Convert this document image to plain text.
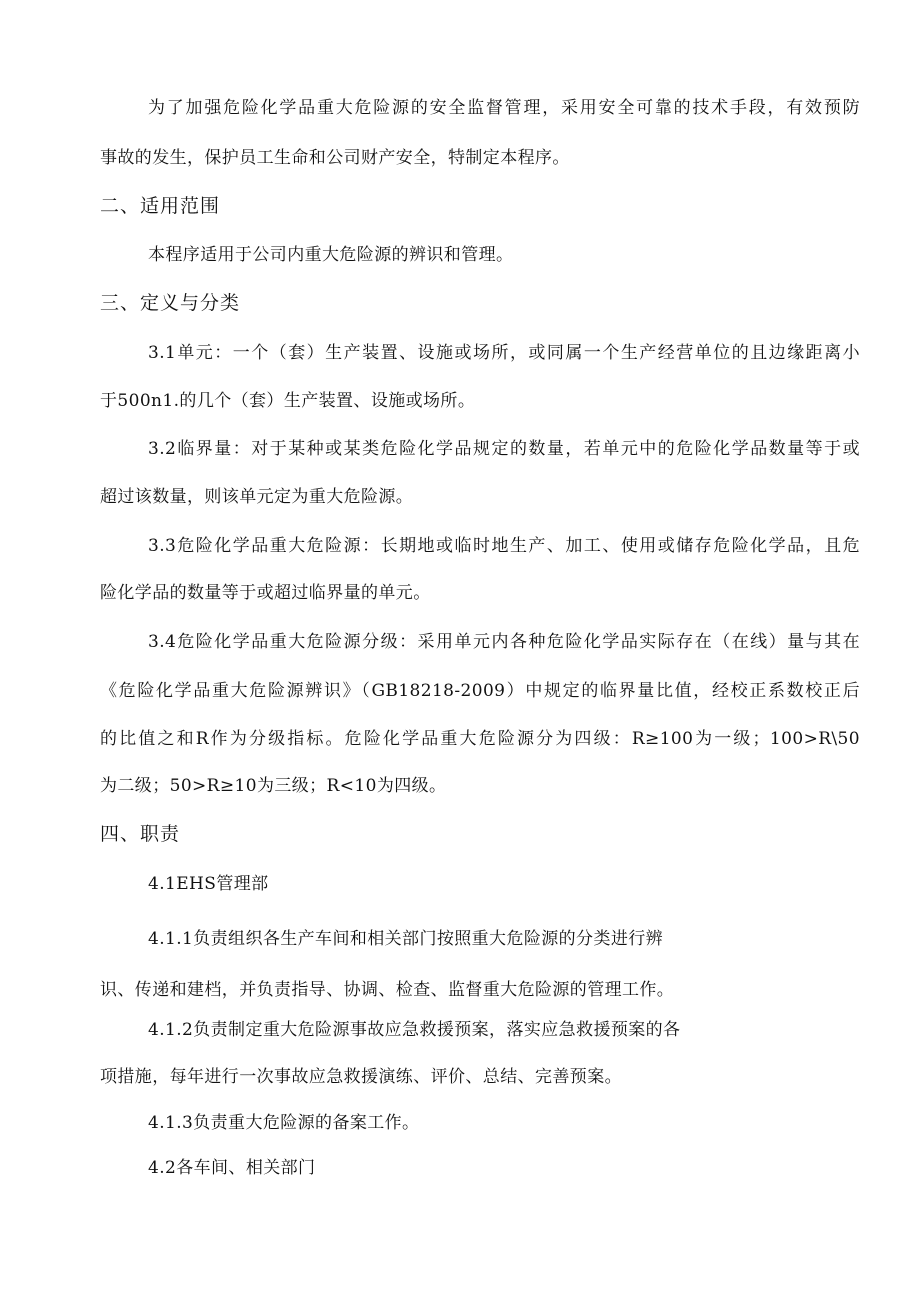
为了加强危险化学品重大危险源的安全监督管理，采用安全可靠的技术手段，有效预防
事故的发生，保护员工生命和公司财产安全，特制定本程序。
二、适用范围
本程序适用于公司内重大危险源的辨识和管理。
三、定义与分类
3.1单元：一个（套）生产装置、设施或场所，或同属一个生产经营单位的且边缘距离小
于500n1.的几个（套）生产装置、设施或场所。
3.2临界量：对于某种或某类危险化学品规定的数量，若单元中的危险化学品数量等于或
超过该数量，则该单元定为重大危险源。
3.3危险化学品重大危险源：长期地或临时地生产、加工、使用或储存危险化学品，且危
险化学品的数量等于或超过临界量的单元。
3.4危险化学品重大危险源分级：采用单元内各种危险化学品实际存在（在线）量与其在
《危险化学品重大危险源辨识》（GB18218-2009）中规定的临界量比值，经校正系数校正后
的比值之和R作为分级指标。危险化学品重大危险源分为四级：R≥100为一级；100>R\50
为二级；50>R≥10为三级；R<10为四级。
四、职责
4.1EHS管理部
4.1.1负责组织各生产车间和相关部门按照重大危险源的分类进行辨
识、传递和建档，并负责指导、协调、检查、监督重大危险源的管理工作。
4.1.2负责制定重大危险源事故应急救援预案，落实应急救援预案的各
项措施，每年进行一次事故应急救援演练、评价、总结、完善预案。
4.1.3负责重大危险源的备案工作。
4.2各车间、相关部门
